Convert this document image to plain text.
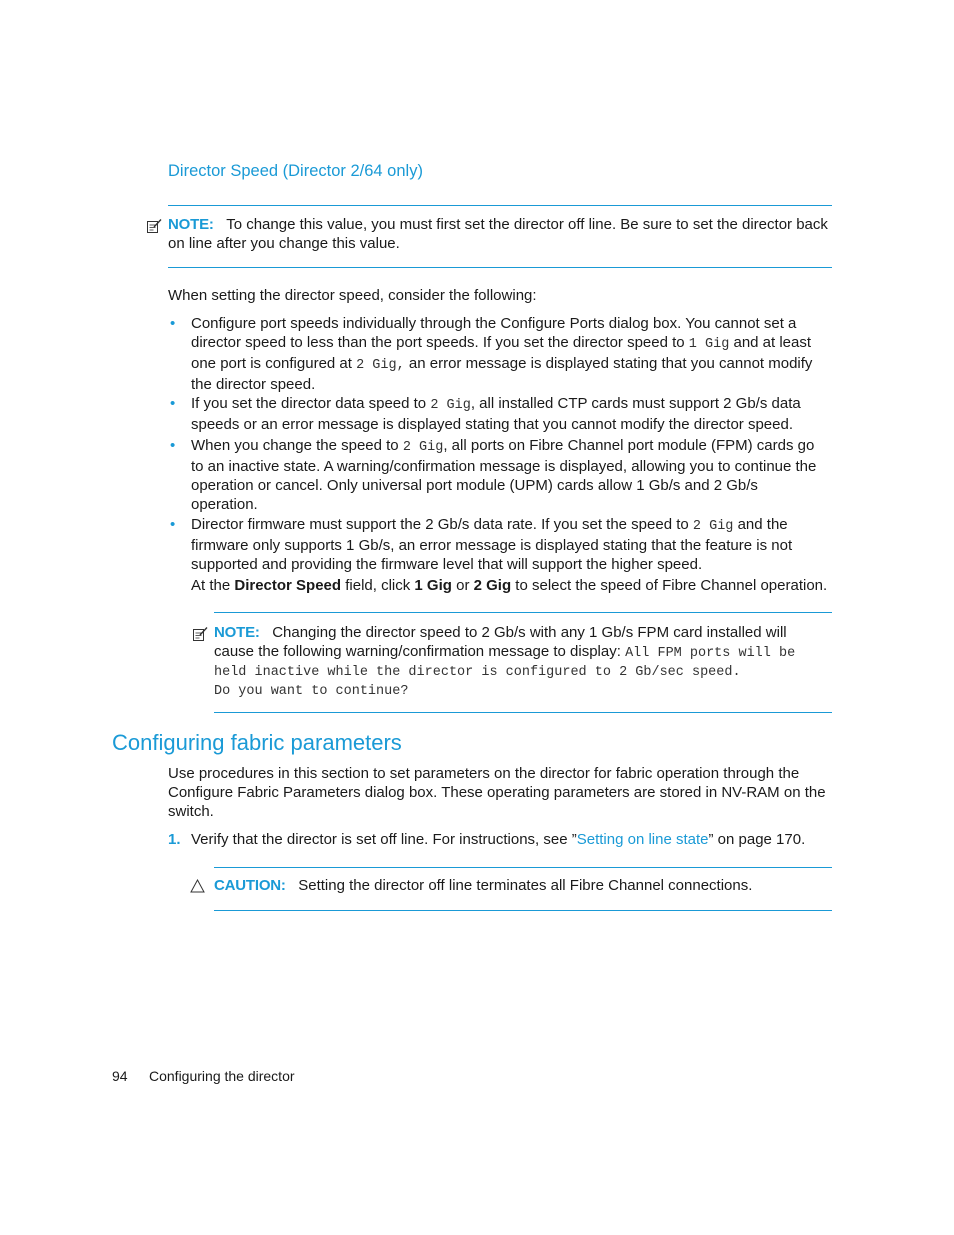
Director Speed (Director 2/64 only)
NOTE: To change this value, you must first set the director off line. Be sure to set the director back
on line after you change this value.
When setting the director speed, consider the following:
• Configure port speeds individually through the Configure Ports dialog box. You cannot set a
director speed to less than the port speeds. If you set the director speed to 1 Gig and at least
one port is configured at 2 Gig, an error message is displayed stating that you cannot modify
the director speed.
• If you set the director data speed to 2 Gig, all installed CTP cards must support 2 Gb/s data
speeds or an error message is displayed stating that you cannot modify the director speed.
• When you change the speed to 2 Gig, all ports on Fibre Channel port module (FPM) cards go
to an inactive state. A warning/confirmation message is displayed, allowing you to continue the
operation or cancel. Only universal port module (UPM) cards allow 1 Gb/s and 2 Gb/s
operation.
• Director firmware must support the 2 Gb/s data rate. If you set the speed to 2 Gig and the
firmware only supports 1 Gb/s, an error message is displayed stating that the feature is not
supported and providing the firmware level that will support the higher speed.
At the Director Speed field, click 1 Gig or 2 Gig to select the speed of Fibre Channel operation.
NOTE: Changing the director speed to 2 Gb/s with any 1 Gb/s FPM card installed will
cause the following warning/confirmation message to display: All FPM ports will be
held inactive while the director is configured to 2 Gb/sec speed.
Do you want to continue?
Configuring fabric parameters
Use procedures in this section to set parameters on the director for fabric operation through the
Configure Fabric Parameters dialog box. These operating parameters are stored in NV-RAM on the
switch.
1. Verify that the director is set off line. For instructions, see ”Setting on line state” on page 170.
CAUTION: Setting the director off line terminates all Fibre Channel connections.
94 Configuring the director
